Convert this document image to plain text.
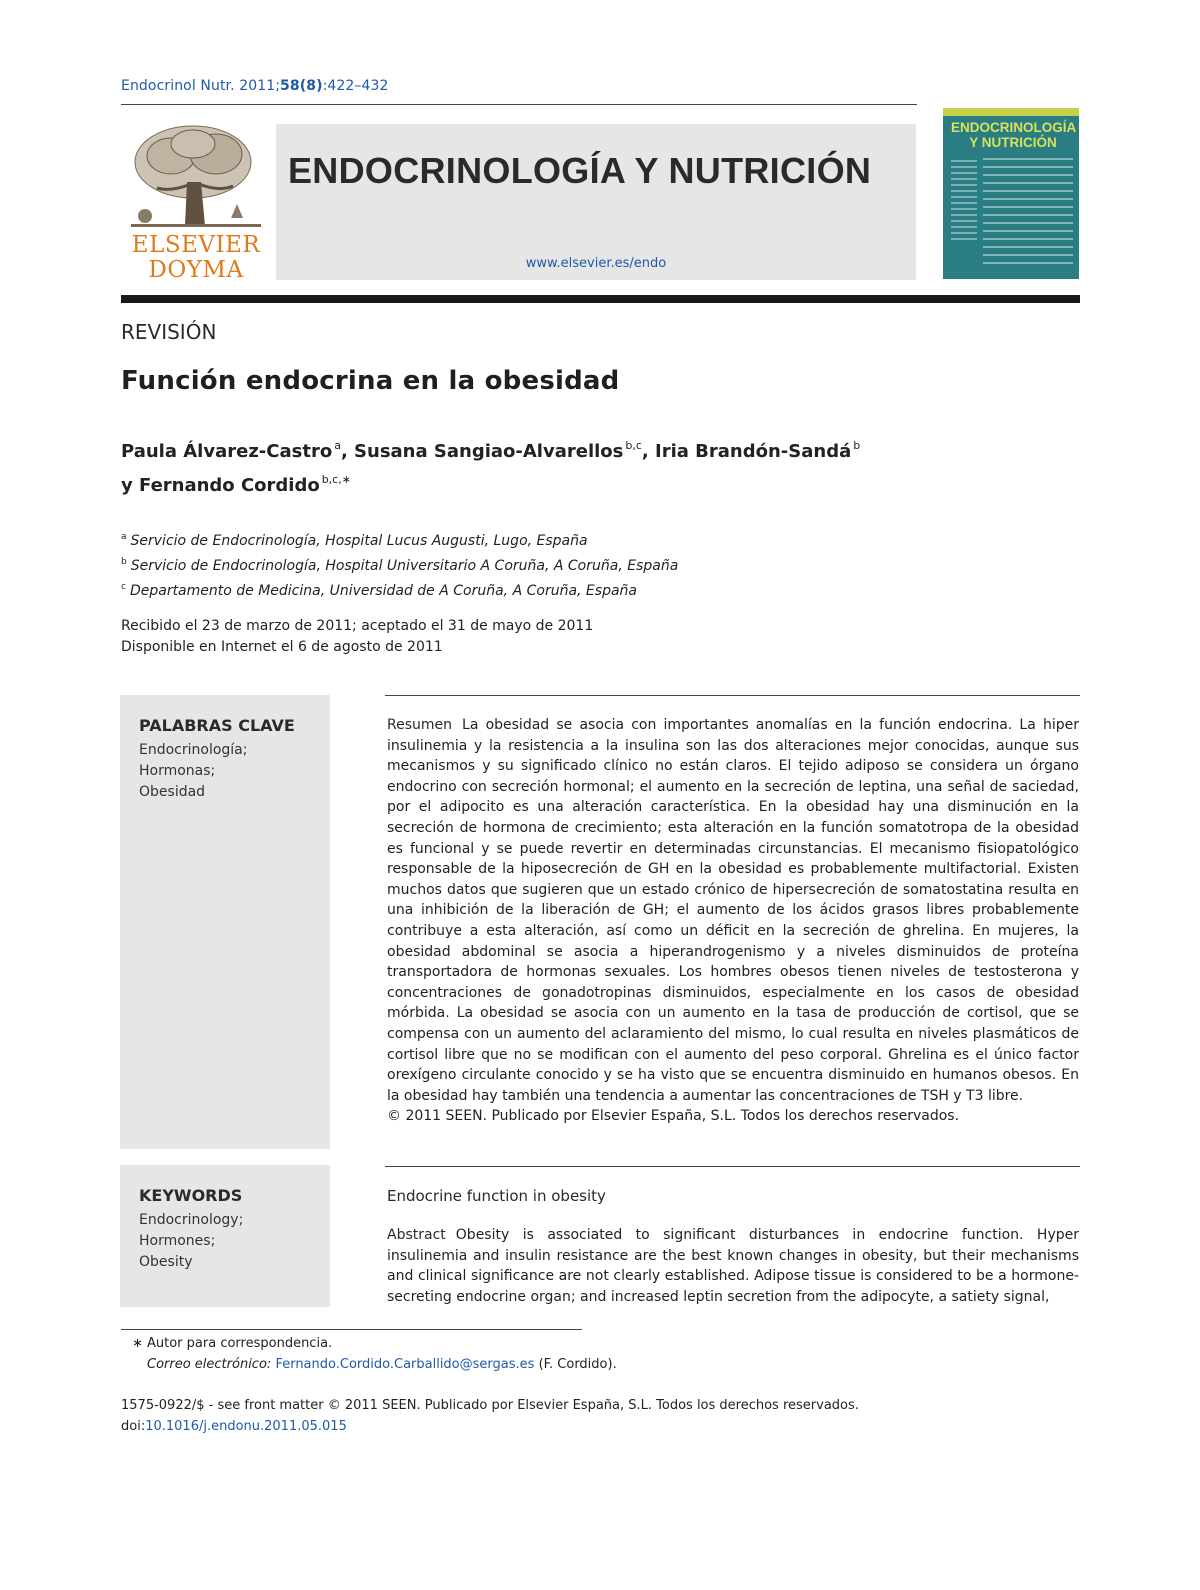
Endocrinol Nutr. 2011;58(8):422–432
ELSEVIER
DOYMA
ENDOCRINOLOGÍA Y NUTRICIÓN
www.elsevier.es/endo
ENDOCRINOLOGÍA
Y NUTRICIÓN
REVISIÓN
Función endocrina en la obesidad
Paula Álvarez-Castro $^a$, Susana Sangiao-Alvarellos $^{b,c}$, Iria Brandón-Sandá $^b$
y Fernando Cordido $^{b,c,∗}$
$^a$ Servicio de Endocrinología, Hospital Lucus Augusti, Lugo, España
$^b$ Servicio de Endocrinología, Hospital Universitario A Coruña, A Coruña, España
$^c$ Departamento de Medicina, Universidad de A Coruña, A Coruña, España
Recibido el 23 de marzo de 2011; aceptado el 31 de mayo de 2011
Disponible en Internet el 6 de agosto de 2011
PALABRAS CLAVE
Endocrinología;
Hormonas;
Obesidad
Resumen La obesidad se asocia con importantes anomalías en la función endocrina. La hiper insulinemia y la resistencia a la insulina son las dos alteraciones mejor conocidas, aunque sus mecanismos y su significado clínico no están claros. El tejido adiposo se considera un órgano endocrino con secreción hormonal; el aumento en la secreción de leptina, una señal de saciedad, por el adipocito es una alteración característica. En la obesidad hay una disminución en la secreción de hormona de crecimiento; esta alteración en la función somatotropa de la obesidad es funcional y se puede revertir en determinadas circunstancias. El mecanismo fisiopatológico responsable de la hiposecreción de GH en la obesidad es probablemente multifactorial. Existen muchos datos que sugieren que un estado crónico de hipersecreción de somatostatina resulta en una inhibición de la liberación de GH; el aumento de los ácidos grasos libres probablemente contribuye a esta alteración, así como un déficit en la secreción de ghrelina. En mujeres, la obesidad abdominal se asocia a hiperandrogenismo y a niveles disminuidos de proteína transportadora de hormonas sexuales. Los hombres obesos tienen niveles de testosterona y concentraciones de gonadotropinas disminuidos, especialmente en los casos de obesidad mórbida. La obesidad se asocia con un aumento en la tasa de producción de cortisol, que se compensa con un aumento del aclaramiento del mismo, lo cual resulta en niveles plasmáticos de cortisol libre que no se modifican con el aumento del peso corporal. Ghrelina es el único factor orexígeno circulante conocido y se ha visto que se encuentra disminuido en humanos obesos. En la obesidad hay también una tendencia a aumentar las concentraciones de TSH y T3 libre.
© 2011 SEEN. Publicado por Elsevier España, S.L. Todos los derechos reservados.
KEYWORDS
Endocrinology;
Hormones;
Obesity
Endocrine function in obesity
Abstract Obesity is associated to significant disturbances in endocrine function. Hyper insulinemia and insulin resistance are the best known changes in obesity, but their mechanisms and clinical significance are not clearly established. Adipose tissue is considered to be a hormone-secreting endocrine organ; and increased leptin secretion from the adipocyte, a satiety signal,
∗ Autor para correspondencia.
Correo electrónico: Fernando.Cordido.Carballido@sergas.es (F. Cordido).
1575-0922/$ - see front matter © 2011 SEEN. Publicado por Elsevier España, S.L. Todos los derechos reservados.
doi:10.1016/j.endonu.2011.05.015
